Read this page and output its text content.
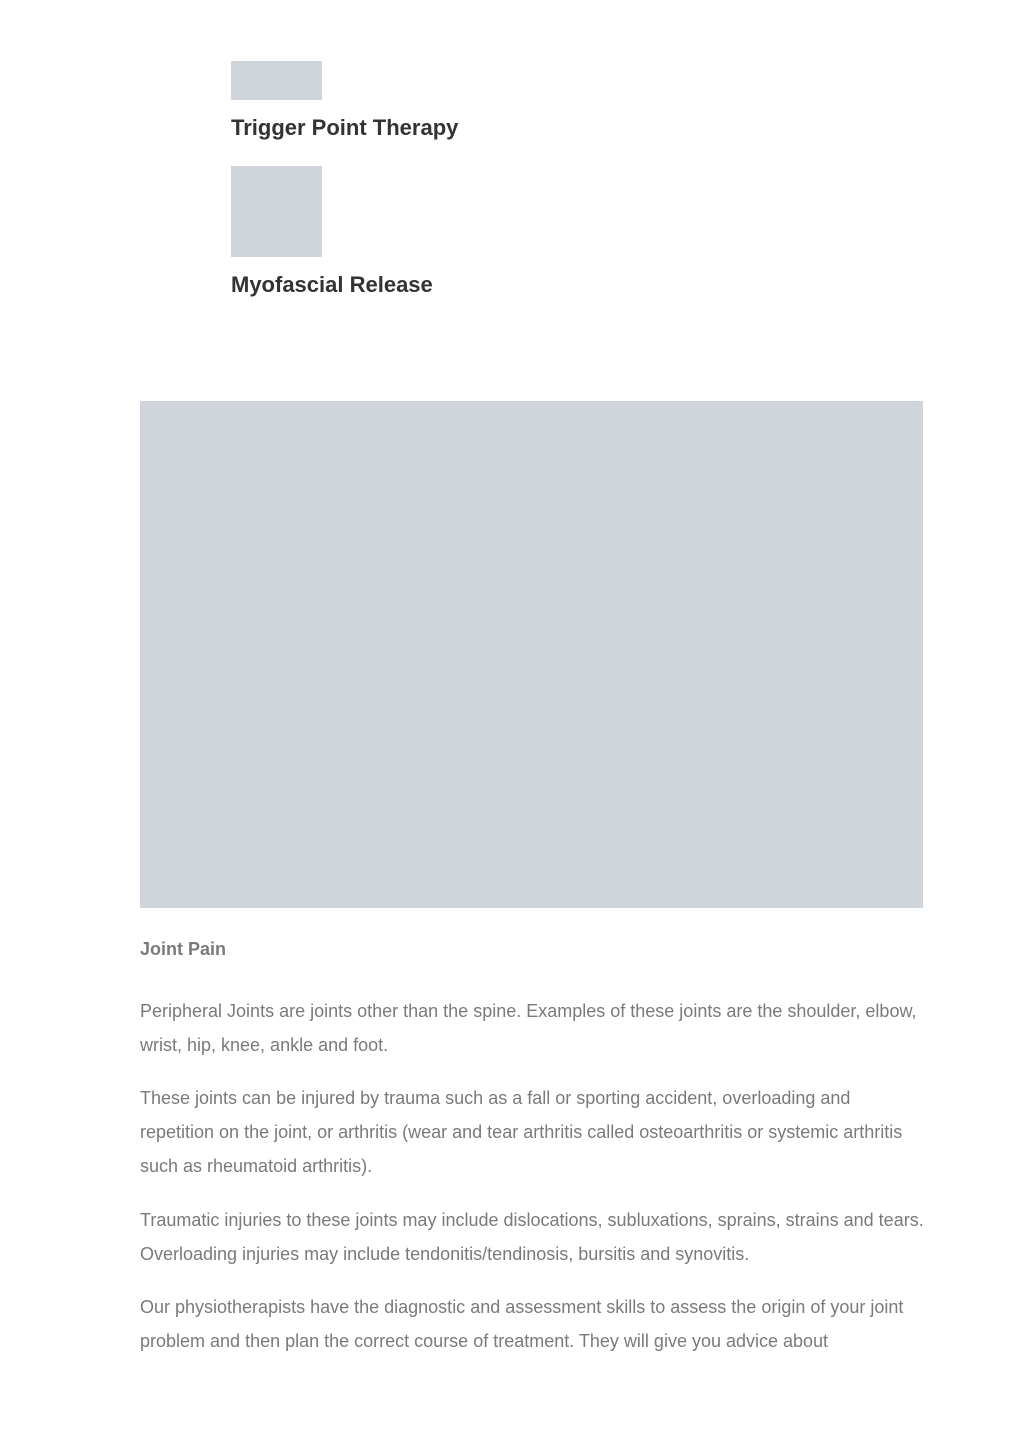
Trigger Point Therapy
Myofascial Release
Joint Pain

Peripheral Joints are joints other than the spine. Examples of these joints are the shoulder, elbow, wrist, hip, knee, ankle and foot.

These joints can be injured by trauma such as a fall or sporting accident, overloading and repetition on the joint, or arthritis (wear and tear arthritis called osteoarthritis or systemic arthritis such as rheumatoid arthritis).

Traumatic injuries to these joints may include dislocations, subluxations, sprains, strains and tears. Overloading injuries may include tendonitis/tendinosis, bursitis and synovitis.

Our physiotherapists have the diagnostic and assessment skills to assess the origin of your joint problem and then plan the correct course of treatment. They will give you advice about
